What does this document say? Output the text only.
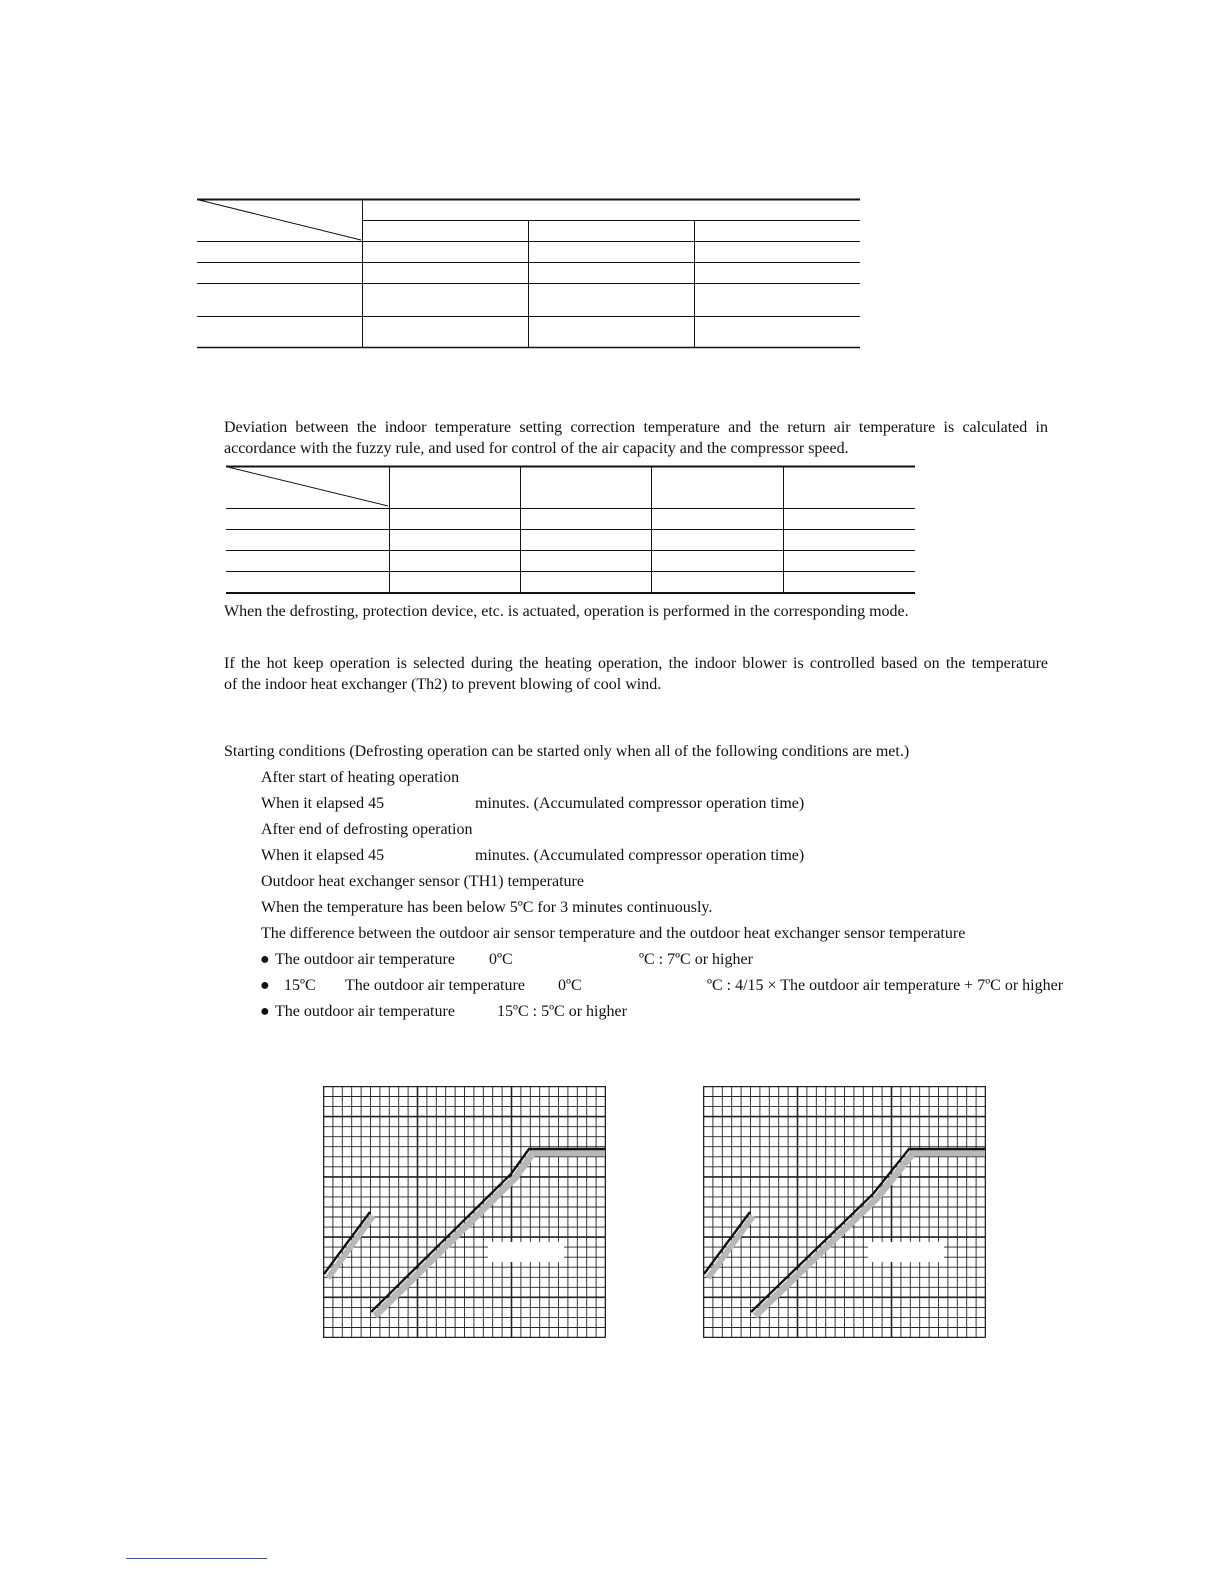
Deviation between the indoor temperature setting correction temperature and the return air temperature is calculated in
accordance with the fuzzy rule, and used for control of the air capacity and the compressor speed.
When the defrosting, protection device, etc. is actuated, operation is performed in the corresponding mode.
If the hot keep operation is selected during the heating operation, the indoor blower is controlled based on the temperature
of the indoor heat exchanger (Th2) to prevent blowing of cool wind.
Starting conditions (Defrosting operation can be started only when all of the following conditions are met.)
After start of heating operation
When it elapsed 45	minutes. (Accumulated compressor operation time)
After end of defrosting operation
When it elapsed 45	minutes. (Accumulated compressor operation time)
Outdoor heat exchanger sensor (TH1) temperature
When the temperature has been below 5ºC for 3 minutes continuously.
The difference between the outdoor air sensor temperature and the outdoor heat exchanger sensor temperature
● The outdoor air temperature 0ºC	ºC : 7ºC or higher
● 15ºC The outdoor air temperature 0ºC	ºC : 4/15 × The outdoor air temperature + 7ºC or higher
● The outdoor air temperature	15ºC : 5ºC or higher
